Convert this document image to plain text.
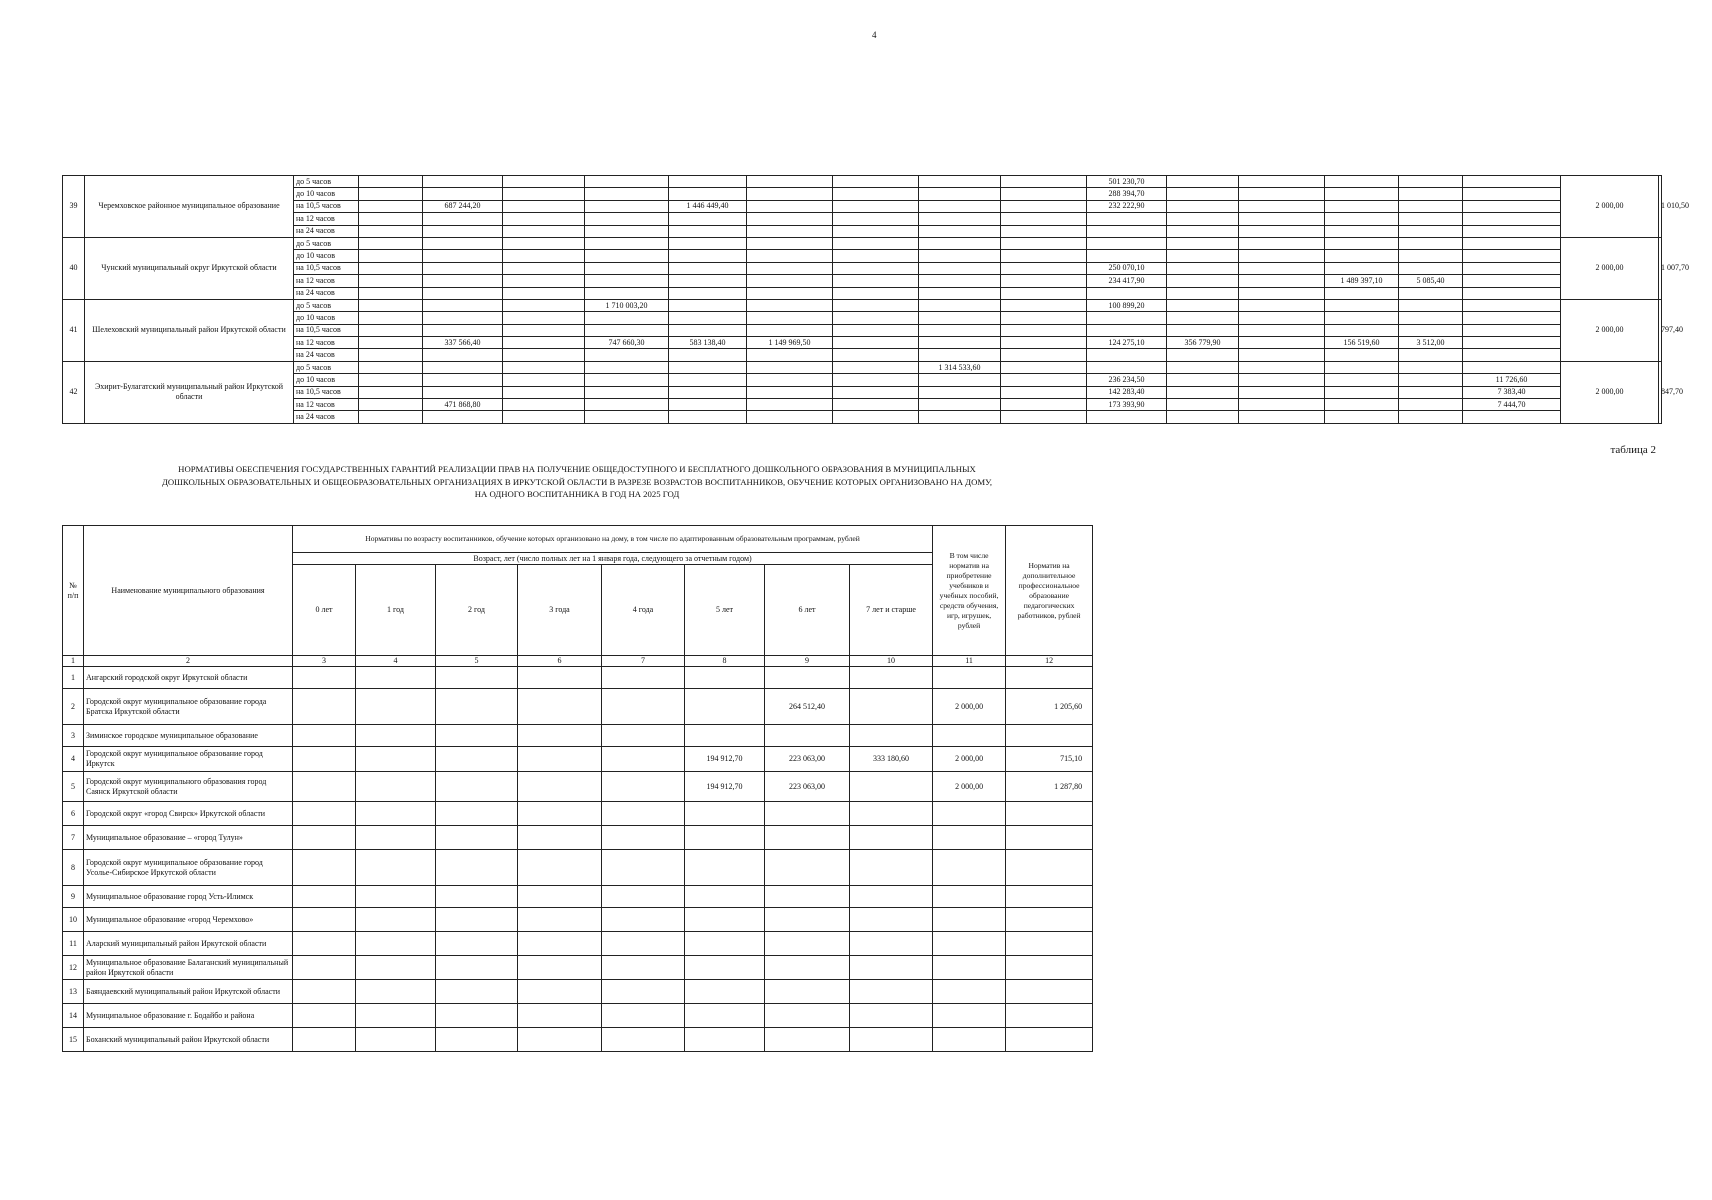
4
39	Черемховское районное муниципальное образование	до 5 часов										501 230,70						2 000,00	1 010,50
		до 10 часов										288 394,70							
		на 10,5 часов		687 244,20			1 446 449,40					232 222,90							
		на 12 часов																	
		на 24 часов																	
40	Чунский муниципальный округ Иркутской области	до 5 часов																2 000,00	1 007,70
		до 10 часов																	
		на 10,5 часов										250 070,10							
		на 12 часов										234 417,90			1 489 397,10	5 085,40			
		на 24 часов																	
41	Шелеховский муниципальный район Иркутской области	до 5 часов				1 710 003,20						100 899,20						2 000,00	797,40
		до 10 часов																	
		на 10,5 часов																	
		на 12 часов		337 566,40		747 660,30	583 138,40	1 149 969,50				124 275,10	356 779,90		156 519,60	3 512,00			
		на 24 часов																	
42	Эхирит-Булагатский муниципальный район Иркутской области	до 5 часов								1 314 533,60								2 000,00	847,70
		до 10 часов										236 234,50					11 726,60		
		на 10,5 часов										142 283,40					7 383,40		
		на 12 часов		471 868,80								173 393,90					7 444,70		
		на 24 часов																	
таблица 2
НОРМАТИВЫ ОБЕСПЕЧЕНИЯ ГОСУДАРСТВЕННЫХ ГАРАНТИЙ РЕАЛИЗАЦИИ ПРАВ НА ПОЛУЧЕНИЕ ОБЩЕДОСТУПНОГО И БЕСПЛАТНОГО ДОШКОЛЬНОГО ОБРАЗОВАНИЯ В МУНИЦИПАЛЬНЫХ
ДОШКОЛЬНЫХ ОБРАЗОВАТЕЛЬНЫХ И ОБЩЕОБРАЗОВАТЕЛЬНЫХ ОРГАНИЗАЦИЯХ В ИРКУТСКОЙ ОБЛАСТИ В РАЗРЕЗЕ ВОЗРАСТОВ ВОСПИТАННИКОВ, ОБУЧЕНИЕ КОТОРЫХ ОРГАНИЗОВАНО НА ДОМУ,
НА ОДНОГО ВОСПИТАННИКА В ГОД НА 2025 ГОД
№ п/п	Наименование муниципального образования	Нормативы по возрасту воспитанников, обучение которых организовано на дому, в том числе по адаптированным образовательным программам, рублей								В том числе норматив на приобретение учебников и учебных пособий, средств обучения, игр, игрушек, рублей	Норматив на дополнительное профессиональное образование педагогических работников, рублей
		Возраст, лет (число полных лет на 1 января года, следующего за отчетным годом)									
		0 лет	1 год	2 год	3 года	4 года	5 лет	6 лет	7 лет и старше		
1	2	3	4	5	6	7	8	9	10	11	12
1	Ангарский городской округ Иркутской области										
2	Городской округ муниципальное образование города Братска Иркутской области							264 512,40		2 000,00	1 205,60
3	Зиминское городское муниципальное образование										
4	Городской округ муниципальное образование город Иркутск						194 912,70	223 063,00	333 180,60	2 000,00	715,10
5	Городской округ муниципального образования город Саянск Иркутской области						194 912,70	223 063,00		2 000,00	1 287,80
6	Городской округ «город Свирск» Иркутской области										
7	Муниципальное образование – «город Тулун»										
8	Городской округ муниципальное образование город Усолье-Сибирское Иркутской области										
9	Муниципальное образование город Усть-Илимск										
10	Муниципальное образование «город Черемхово»										
11	Аларский муниципальный район Иркутской области										
12	Муниципальное образование Балаганский муниципальный район Иркутской области										
13	Баяндаевский муниципальный район Иркутской области										
14	Муниципальное образование г. Бодайбо и района										
15	Боханский муниципальный район Иркутской области										
